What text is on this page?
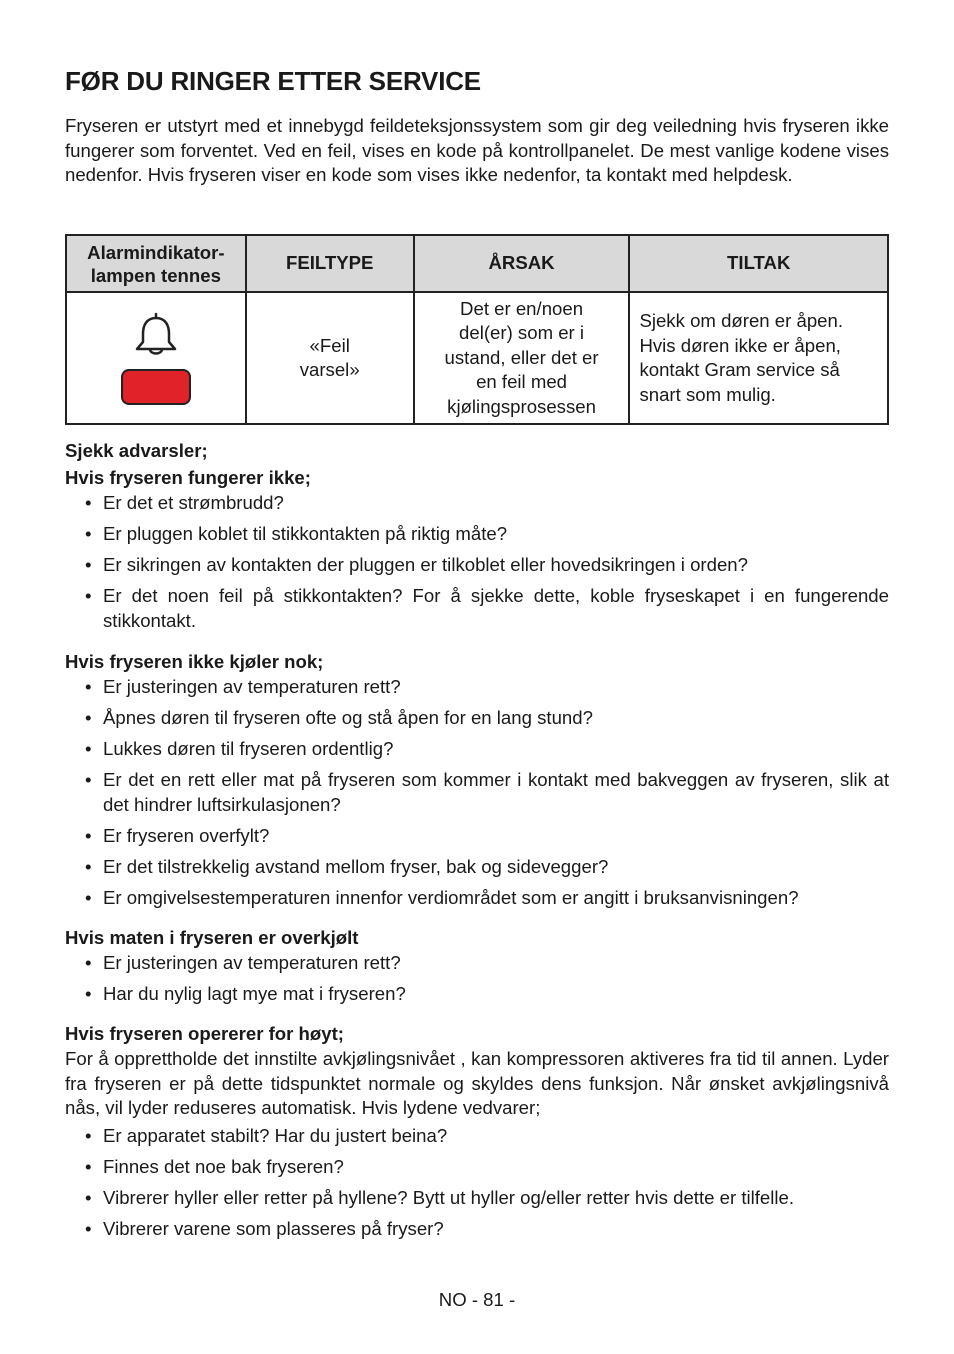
FØR DU RINGER ETTER SERVICE

Fryseren er utstyrt med et innebygd feildeteksjonssystem som gir deg veiledning hvis fryseren ikke fungerer som forventet. Ved en feil, vises en kode på kontrollpanelet. De mest vanlige kodene vises nedenfor. Hvis fryseren viser en kode som vises ikke nedenfor, ta kontakt med helpdesk.

Alarmindikator-lampen tennes	FEILTYPE	ÅRSAK	TILTAK

	«Feil varsel»	Det er en/noen del(er) som er i ustand, eller det er en feil med kjølingsprosessen	Sjekk om døren er åpen. Hvis døren ikke er åpen, kontakt Gram service så snart som mulig.

Sjekk advarsler;

Hvis fryseren fungerer ikke;

• Er det et strømbrudd?
• Er pluggen koblet til stikkontakten på riktig måte?
• Er sikringen av kontakten der pluggen er tilkoblet eller hovedsikringen i orden?
• Er det noen feil på stikkontakten? For å sjekke dette, koble fryseskapet i en fungerende stikkontakt.

Hvis fryseren ikke kjøler nok;

• Er justeringen av temperaturen rett?
• Åpnes døren til fryseren ofte og stå åpen for en lang stund?
• Lukkes døren til fryseren ordentlig?
• Er det en rett eller mat på fryseren som kommer i kontakt med bakveggen av fryseren, slik at det hindrer luftsirkulasjonen?
• Er fryseren overfylt?
• Er det tilstrekkelig avstand mellom fryser, bak og sidevegger?
• Er omgivelsestemperaturen innenfor verdiområdet som er angitt i bruksanvisningen?

Hvis maten i fryseren er overkjølt

• Er justeringen av temperaturen rett?
• Har du nylig lagt mye mat i fryseren?

Hvis fryseren opererer for høyt;

For å opprettholde det innstilte avkjølingsnivået , kan kompressoren aktiveres fra tid til annen. Lyder fra fryseren er på dette tidspunktet normale og skyldes dens funksjon. Når ønsket avkjølingsnivå nås, vil lyder reduseres automatisk. Hvis lydene vedvarer;

• Er apparatet stabilt? Har du justert beina?
• Finnes det noe bak fryseren?
• Vibrerer hyller eller retter på hyllene? Bytt ut hyller og/eller retter hvis dette er tilfelle.
• Vibrerer varene som plasseres på fryser?
NO - 81 -
